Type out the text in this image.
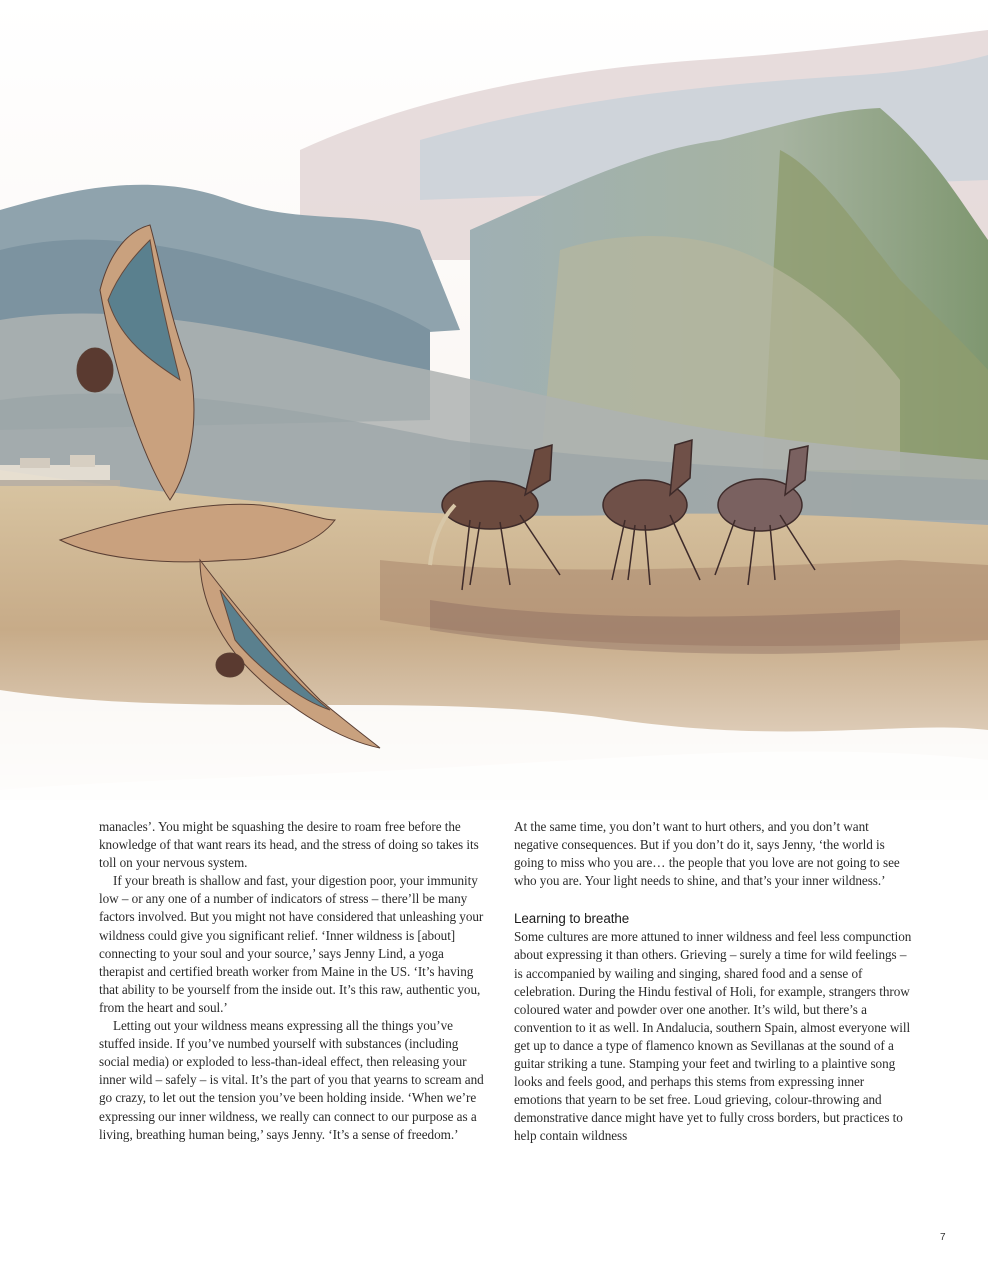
manacles’. You might be squashing the desire to roam free before the knowledge of that want rears its head, and the stress of doing so takes its toll on your nervous system.

If your breath is shallow and fast, your digestion poor, your immunity low – or any one of a number of indicators of stress – there’ll be many factors involved. But you might not have considered that unleashing your wildness could give you significant relief. ‘Inner wildness is [about] connecting to your soul and your source,’ says Jenny Lind, a yoga therapist and certified breath worker from Maine in the US. ‘It’s having that ability to be yourself from the inside out. It’s this raw, authentic you, from the heart and soul.’

Letting out your wildness means expressing all the things you’ve stuffed inside. If you’ve numbed yourself with substances (including social media) or exploded to less-than-ideal effect, then releasing your inner wild – safely – is vital. It’s the part of you that yearns to scream and go crazy, to let out the tension you’ve been holding inside. ‘When we’re expressing our inner wildness, we really can connect to our purpose as a living, breathing human being,’ says Jenny. ‘It’s a sense of freedom.’

At the same time, you don’t want to hurt others, and you don’t want negative consequences. But if you don’t do it, says Jenny, ‘the world is going to miss who you are… the people that you love are not going to see who you are. Your light needs to shine, and that’s your inner wildness.’

Learning to breathe

Some cultures are more attuned to inner wildness and feel less compunction about expressing it than others. Grieving – surely a time for wild feelings – is accompanied by wailing and singing, shared food and a sense of celebration. During the Hindu festival of Holi, for example, strangers throw coloured water and powder over one another. It’s wild, but there’s a convention to it as well. In Andalucia, southern Spain, almost everyone will get up to dance a type of flamenco known as Sevillanas at the sound of a guitar striking a tune. Stamping your feet and twirling to a plaintive song looks and feels good, and perhaps this stems from expressing inner emotions that yearn to be set free. Loud grieving, colour-throwing and demonstrative dance might have yet to fully cross borders, but practices to help contain wildness

7
